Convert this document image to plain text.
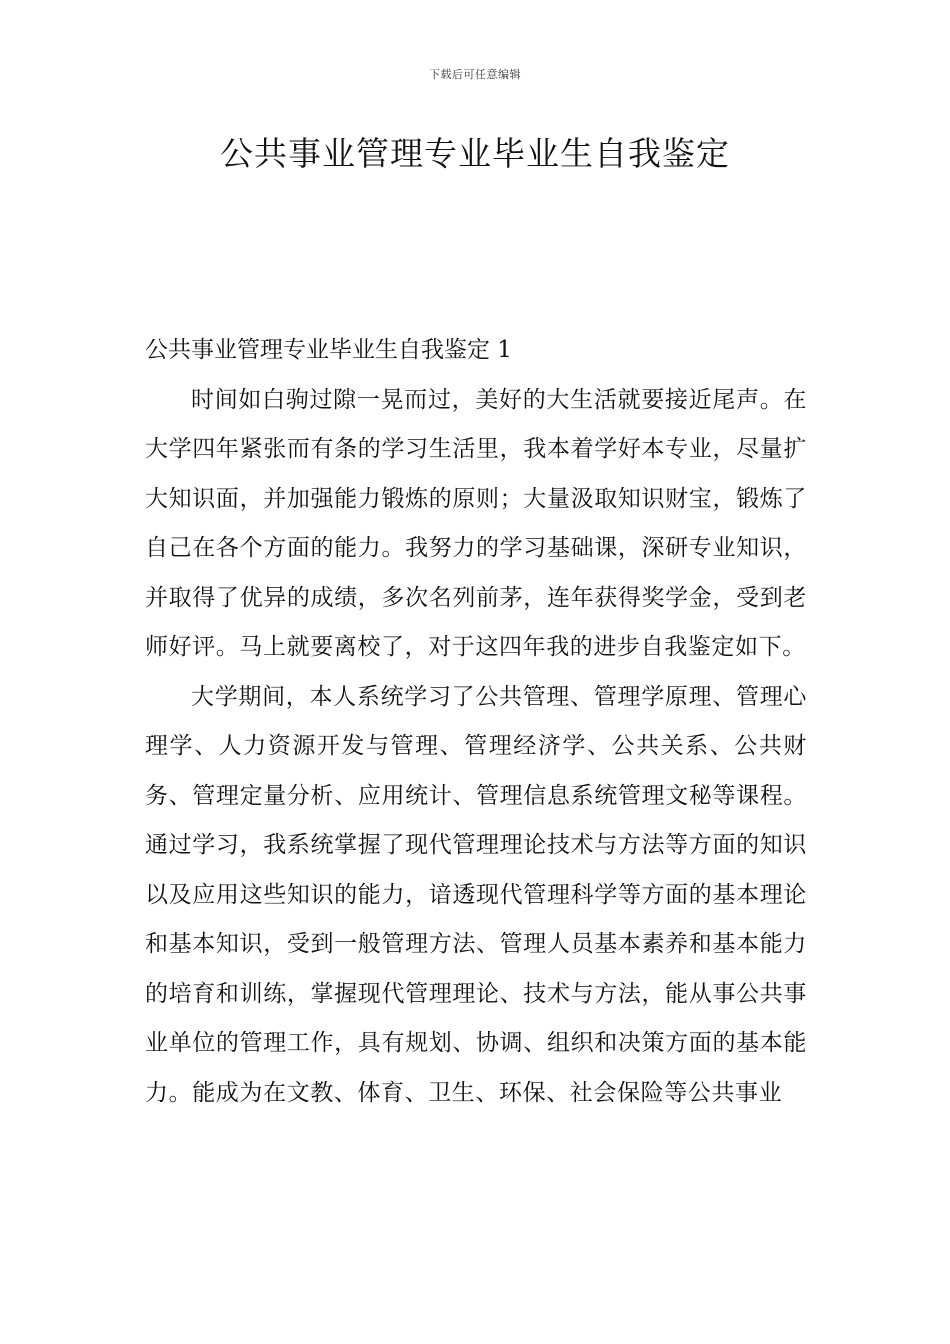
下载后可任意编辑
公共事业管理专业毕业生自我鉴定

公共事业管理专业毕业生自我鉴定 1

时间如白驹过隙一晃而过，美好的大生活就要接近尾声。在大学四年紧张而有条的学习生活里，我本着学好本专业，尽量扩大知识面，并加强能力锻炼的原则；大量汲取知识财宝，锻炼了自己在各个方面的能力。我努力的学习基础课，深研专业知识，并取得了优异的成绩，多次名列前茅，连年获得奖学金，受到老师好评。马上就要离校了，对于这四年我的进步自我鉴定如下。

大学期间，本人系统学习了公共管理、管理学原理、管理心理学、人力资源开发与管理、管理经济学、公共关系、公共财务、管理定量分析、应用统计、管理信息系统管理文秘等课程。通过学习，我系统掌握了现代管理理论技术与方法等方面的知识以及应用这些知识的能力，谙透现代管理科学等方面的基本理论和基本知识，受到一般管理方法、管理人员基本素养和基本能力的培育和训练，掌握现代管理理论、技术与方法，能从事公共事业单位的管理工作，具有规划、协调、组织和决策方面的基本能力。能成为在文教、体育、卫生、环保、社会保险等公共事业
